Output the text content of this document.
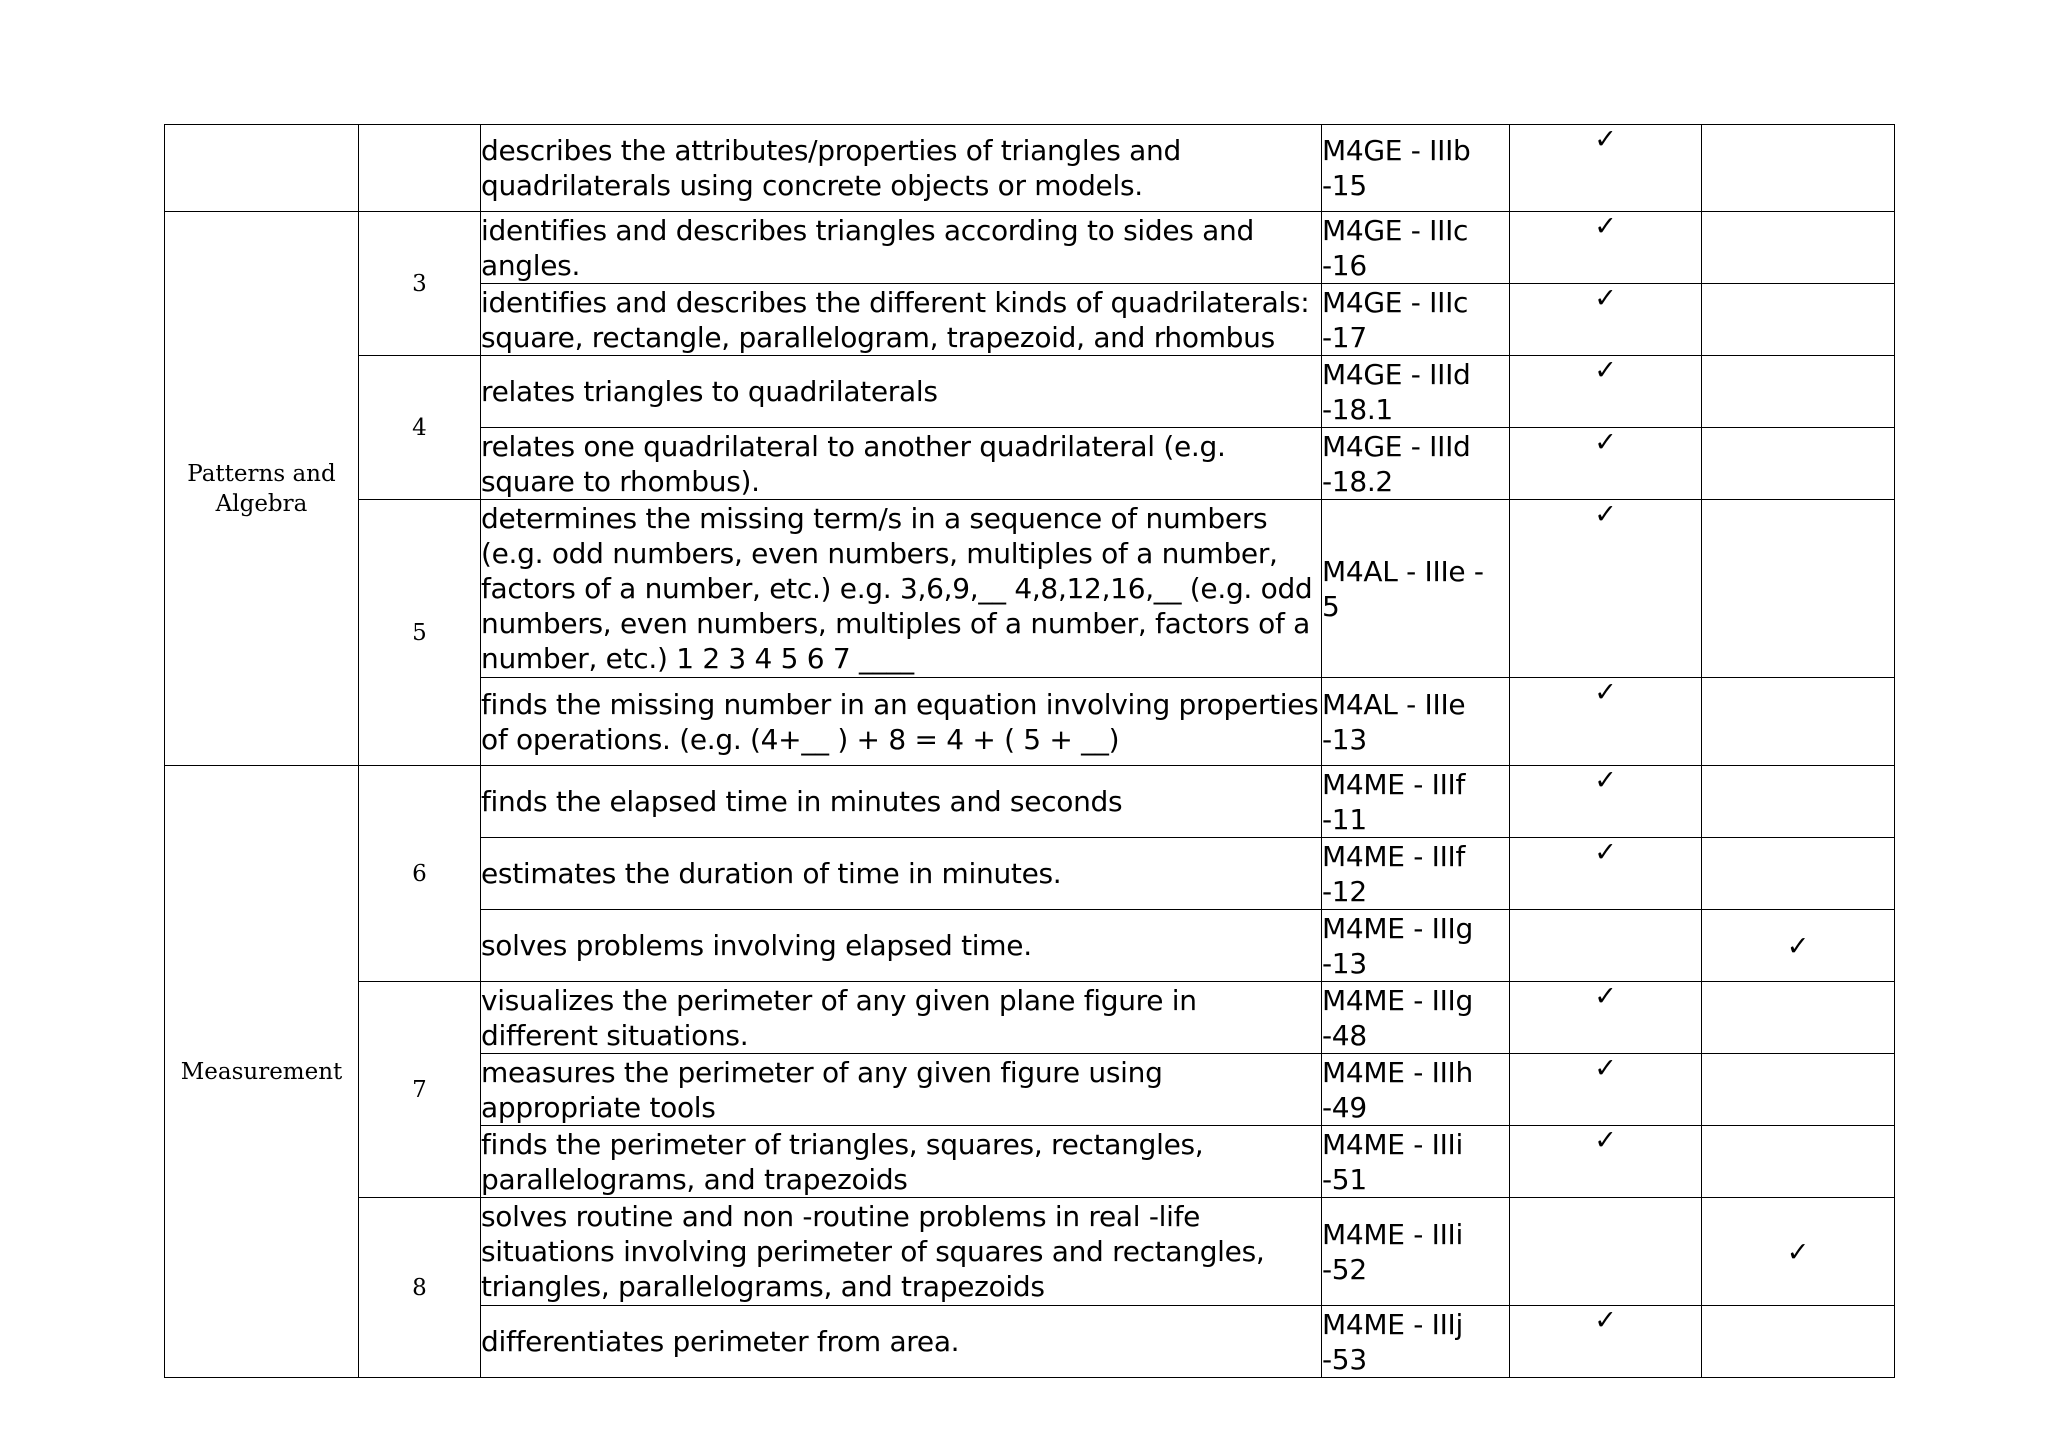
		describes the attributes/properties of triangles and quadrilaterals using concrete objects or models.	M4GE - IIIb -15	✓	

Patterns and Algebra	3	identifies and describes triangles according to sides and angles.	M4GE - IIIc -16	✓	

		identifies and describes the different kinds of quadrilaterals: square, rectangle, parallelogram, trapezoid, and rhombus	M4GE - IIIc -17	✓	

	4	relates triangles to quadrilaterals	M4GE - IIId -18.1	✓	

		relates one quadrilateral to another quadrilateral (e.g. square to rhombus).	M4GE - IIId -18.2	✓	

	5	determines the missing term/s in a sequence of numbers (e.g. odd numbers, even numbers, multiples of a number, factors of a number, etc.) e.g. 3,6,9,__ 4,8,12,16,__ (e.g. odd numbers, even numbers, multiples of a number, factors of a number, etc.) 1 2 3 4 5 6 7 ____	M4AL - IIIe - 5	✓	

		finds the missing number in an equation involving properties of operations. (e.g. (4+__ ) + 8 = 4 + ( 5 + __)	M4AL - IIIe -13	✓	

Measurement	6	finds the elapsed time in minutes and seconds	M4ME - IIIf -11	✓	

		estimates the duration of time in minutes.	M4ME - IIIf -12	✓	

		solves problems involving elapsed time.	M4ME - IIIg -13		✓

	7	visualizes the perimeter of any given plane figure in different situations.	M4ME - IIIg -48	✓	

		measures the perimeter of any given figure using appropriate tools	M4ME - IIIh -49	✓	

		finds the perimeter of triangles, squares, rectangles, parallelograms, and trapezoids	M4ME - IIIi -51	✓	

	8	solves routine and non -routine problems in real -life situations involving perimeter of squares and rectangles, triangles, parallelograms, and trapezoids	M4ME - IIIi -52		✓

		differentiates perimeter from area.	M4ME - IIIj -53	✓	
